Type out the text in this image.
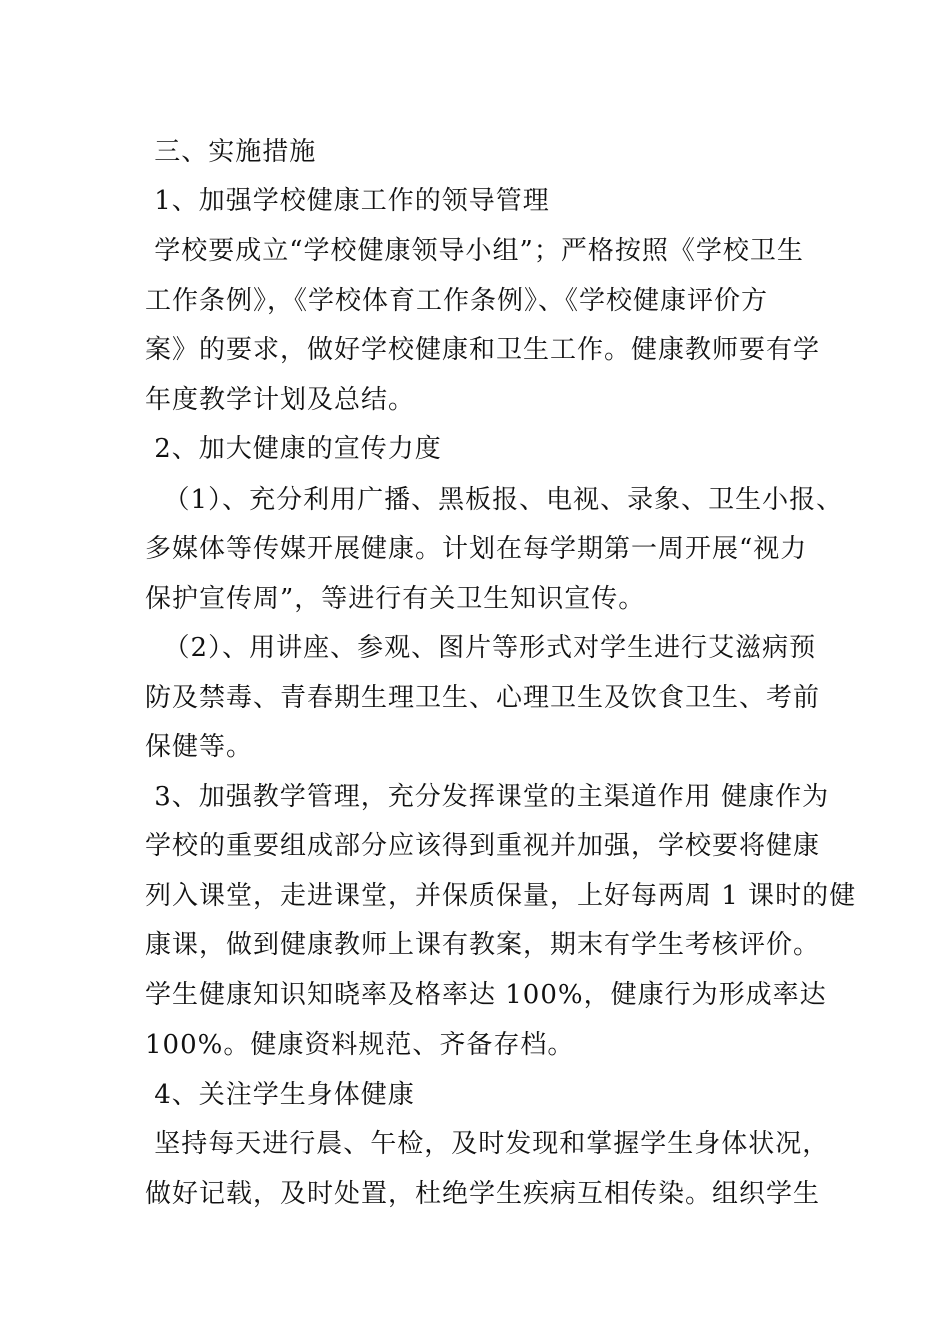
三、实施措施
1、加强学校健康工作的领导管理
学校要成立“学校健康领导小组”；严格按照《学校卫生
工作条例》，《学校体育工作条例》、《学校健康评价方
案》的要求，做好学校健康和卫生工作。健康教师要有学
年度教学计划及总结。
2、加大健康的宣传力度
（1）、充分利用广播、黑板报、电视、录象、卫生小报、
多媒体等传媒开展健康。计划在每学期第一周开展“视力
保护宣传周”，等进行有关卫生知识宣传。
（2）、用讲座、参观、图片等形式对学生进行艾滋病预
防及禁毒、青春期生理卫生、心理卫生及饮食卫生、考前
保健等。
3、加强教学管理，充分发挥课堂的主渠道作用 健康作为
学校的重要组成部分应该得到重视并加强，学校要将健康
列入课堂，走进课堂，并保质保量，上好每两周 1 课时的健
康课，做到健康教师上课有教案，期末有学生考核评价。
学生健康知识知晓率及格率达 100%，健康行为形成率达
100%。健康资料规范、齐备存档。
4、关注学生身体健康
坚持每天进行晨、午检，及时发现和掌握学生身体状况，
做好记载，及时处置，杜绝学生疾病互相传染。组织学生
